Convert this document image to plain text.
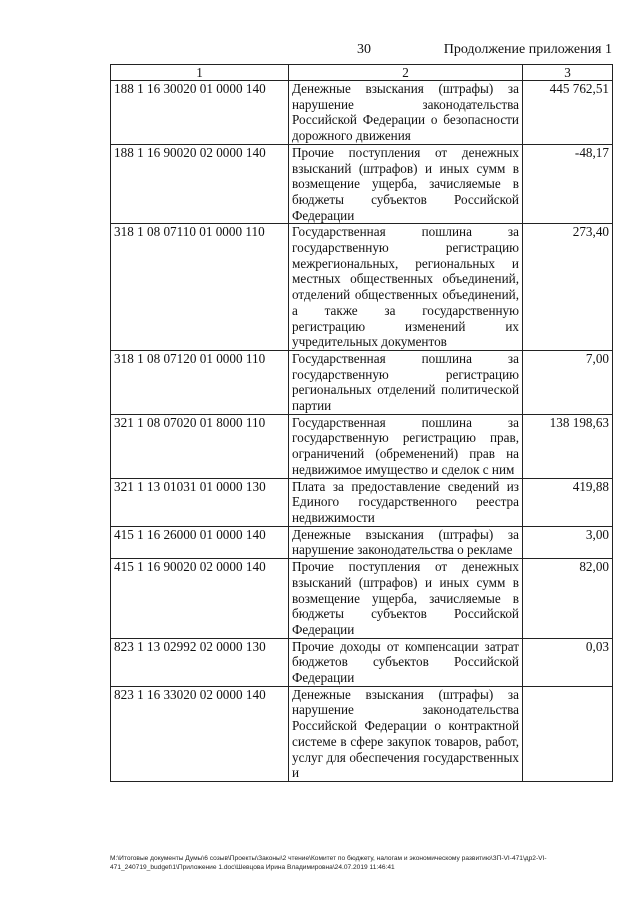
30	Продолжение приложения 1
1	2	3
188 1 16 30020 01 0000 140	Денежные взыскания (штрафы) за нарушение законодательства Российской Федерации о безопасности дорожного движения	445 762,51
188 1 16 90020 02 0000 140	Прочие поступления от денежных взысканий (штрафов) и иных сумм в возмещение ущерба, зачисляемые в бюджеты субъектов Российской Федерации	-48,17
318 1 08 07110 01 0000 110	Государственная пошлина за государственную регистрацию межрегиональных, региональных и местных общественных объединений, отделений общественных объединений, а также за государственную регистрацию изменений их учредительных документов	273,40
318 1 08 07120 01 0000 110	Государственная пошлина за государственную регистрацию региональных отделений политической партии	7,00
321 1 08 07020 01 8000 110	Государственная пошлина за государственную регистрацию прав, ограничений (обременений) прав на недвижимое имущество и сделок с ним	138 198,63
321 1 13 01031 01 0000 130	Плата за предоставление сведений из Единого государственного реестра недвижимости	419,88
415 1 16 26000 01 0000 140	Денежные взыскания (штрафы) за нарушение законодательства о рекламе	3,00
415 1 16 90020 02 0000 140	Прочие поступления от денежных взысканий (штрафов) и иных сумм в возмещение ущерба, зачисляемые в бюджеты субъектов Российской Федерации	82,00
823 1 13 02992 02 0000 130	Прочие доходы от компенсации затрат бюджетов субъектов Российской Федерации	0,03
823 1 16 33020 02 0000 140	Денежные взыскания (штрафы) за нарушение законодательства Российской Федерации о контрактной системе в сфере закупок товаров, работ, услуг для обеспечения государственных и	
M:\Итоговые документы Думы\6 созыв\Проекты\Законы\2 чтение\Комитет по бюджету, налогам и экономическому развитию\ЗП-VI-471\др2-VI-471_240719_budget\1\Приложение 1.doc\Шевцова Ирина Владимировна\24.07.2019 11:46:41
